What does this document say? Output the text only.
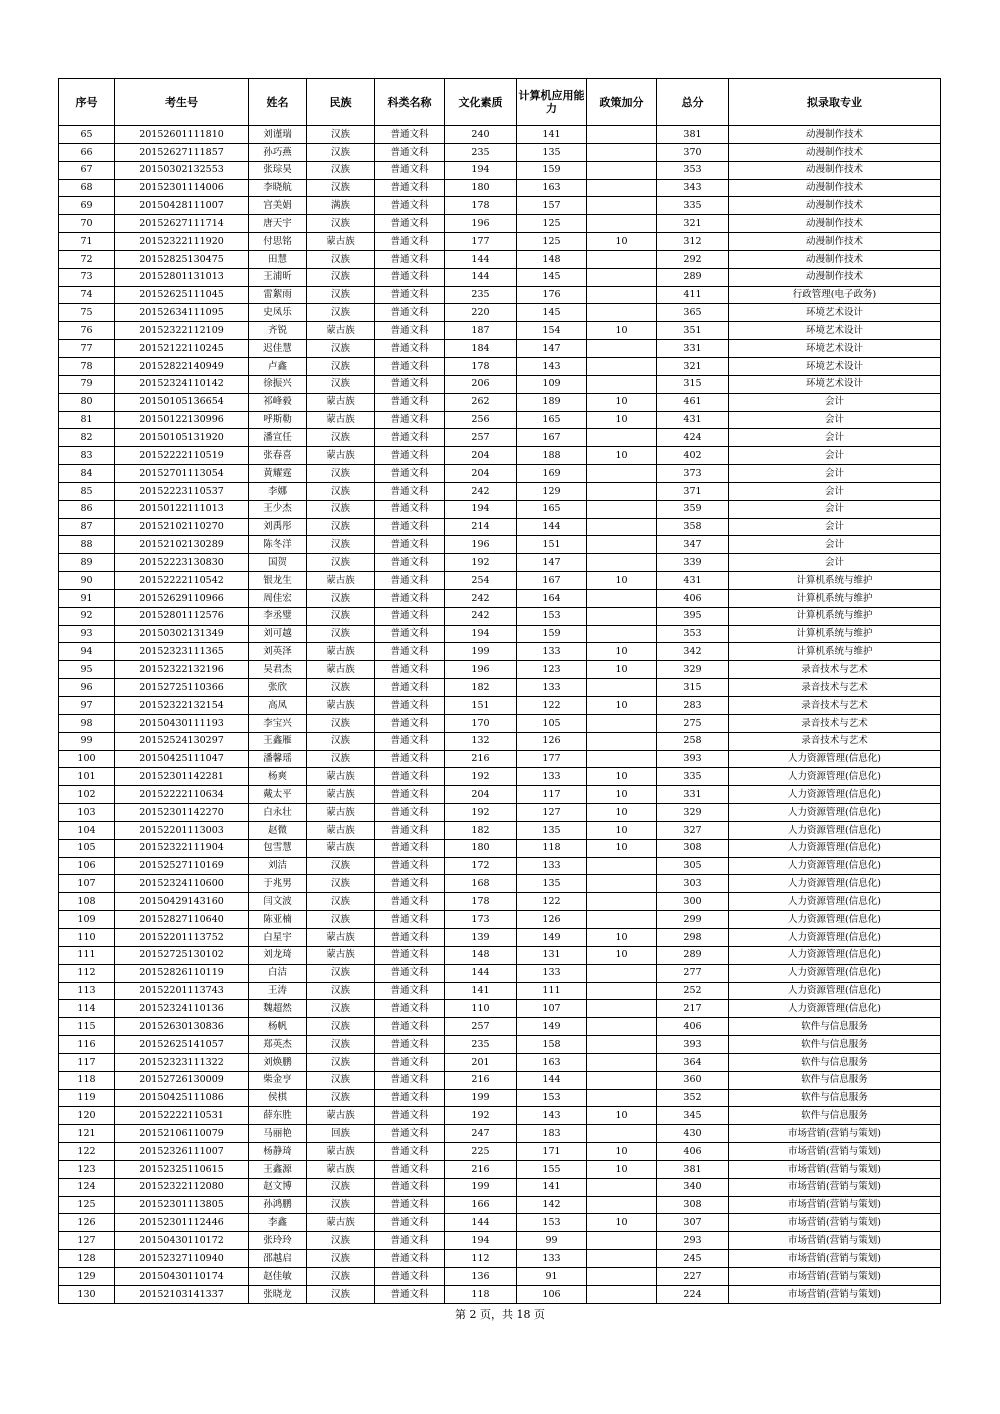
序号	考生号	姓名	民族	科类名称	文化素质	计算机应用能力	政策加分	总分	拟录取专业
65	20152601111810	刘谨瑞	汉族	普通文科	240	141		381	动漫制作技术
66	20152627111857	孙巧燕	汉族	普通文科	235	135		370	动漫制作技术
67	20150302132553	张琮昊	汉族	普通文科	194	159		353	动漫制作技术
68	20152301114006	李晓航	汉族	普通文科	180	163		343	动漫制作技术
69	20150428111007	宫美娟	满族	普通文科	178	157		335	动漫制作技术
70	20152627111714	唐天宇	汉族	普通文科	196	125		321	动漫制作技术
71	20152322111920	付思铭	蒙古族	普通文科	177	125	10	312	动漫制作技术
72	20152825130475	田慧	汉族	普通文科	144	148		292	动漫制作技术
73	20152801131013	王浦昕	汉族	普通文科	144	145		289	动漫制作技术
74	20152625111045	雷絮雨	汉族	普通文科	235	176		411	行政管理(电子政务)
75	20152634111095	史凤乐	汉族	普通文科	220	145		365	环境艺术设计
76	20152322112109	齐锐	蒙古族	普通文科	187	154	10	351	环境艺术设计
77	20152122110245	迟佳慧	汉族	普通文科	184	147		331	环境艺术设计
78	20152822140949	卢鑫	汉族	普通文科	178	143		321	环境艺术设计
79	20152324110142	徐振兴	汉族	普通文科	206	109		315	环境艺术设计
80	20150105136654	祁峰毅	蒙古族	普通文科	262	189	10	461	会计
81	20150122130996	呼斯勒	蒙古族	普通文科	256	165	10	431	会计
82	20150105131920	潘宣任	汉族	普通文科	257	167		424	会计
83	20152222110519	张春喜	蒙古族	普通文科	204	188	10	402	会计
84	20152701113054	黄耀霆	汉族	普通文科	204	169		373	会计
85	20152223110537	李娜	汉族	普通文科	242	129		371	会计
86	20150122111013	王少杰	汉族	普通文科	194	165		359	会计
87	20152102110270	刘禹彤	汉族	普通文科	214	144		358	会计
88	20152102130289	陈冬洋	汉族	普通文科	196	151		347	会计
89	20152223130830	国贺	汉族	普通文科	192	147		339	会计
90	20152222110542	银龙生	蒙古族	普通文科	254	167	10	431	计算机系统与维护
91	20152629110966	周佳宏	汉族	普通文科	242	164		406	计算机系统与维护
92	20152801112576	李丞璧	汉族	普通文科	242	153		395	计算机系统与维护
93	20150302131349	刘可越	汉族	普通文科	194	159		353	计算机系统与维护
94	20152323111365	刘英泽	蒙古族	普通文科	199	133	10	342	计算机系统与维护
95	20152322132196	吴君杰	蒙古族	普通文科	196	123	10	329	录音技术与艺术
96	20152725110366	张欣	汉族	普通文科	182	133		315	录音技术与艺术
97	20152322132154	高凤	蒙古族	普通文科	151	122	10	283	录音技术与艺术
98	20150430111193	李宝兴	汉族	普通文科	170	105		275	录音技术与艺术
99	20152524130297	王鑫雁	汉族	普通文科	132	126		258	录音技术与艺术
100	20150425111047	潘馨瑶	汉族	普通文科	216	177		393	人力资源管理(信息化)
101	20152301142281	杨爽	蒙古族	普通文科	192	133	10	335	人力资源管理(信息化)
102	20152222110634	戴太平	蒙古族	普通文科	204	117	10	331	人力资源管理(信息化)
103	20152301142270	白永壮	蒙古族	普通文科	192	127	10	329	人力资源管理(信息化)
104	20152201113003	赵微	蒙古族	普通文科	182	135	10	327	人力资源管理(信息化)
105	20152322111904	包雪慧	蒙古族	普通文科	180	118	10	308	人力资源管理(信息化)
106	20152527110169	刘洁	汉族	普通文科	172	133		305	人力资源管理(信息化)
107	20152324110600	于兆男	汉族	普通文科	168	135		303	人力资源管理(信息化)
108	20150429143160	闫文波	汉族	普通文科	178	122		300	人力资源管理(信息化)
109	20152827110640	陈亚楠	汉族	普通文科	173	126		299	人力资源管理(信息化)
110	20152201113752	白星宇	蒙古族	普通文科	139	149	10	298	人力资源管理(信息化)
111	20152725130102	刘龙琦	蒙古族	普通文科	148	131	10	289	人力资源管理(信息化)
112	20152826110119	白洁	汉族	普通文科	144	133		277	人力资源管理(信息化)
113	20152201113743	王涛	汉族	普通文科	141	111		252	人力资源管理(信息化)
114	20152324110136	魏超然	汉族	普通文科	110	107		217	人力资源管理(信息化)
115	20152630130836	杨帆	汉族	普通文科	257	149		406	软件与信息服务
116	20152625141057	郑英杰	汉族	普通文科	235	158		393	软件与信息服务
117	20152323111322	刘焕鹏	汉族	普通文科	201	163		364	软件与信息服务
118	20152726130009	柴金亨	汉族	普通文科	216	144		360	软件与信息服务
119	20150425111086	侯棋	汉族	普通文科	199	153		352	软件与信息服务
120	20152222110531	薛东胜	蒙古族	普通文科	192	143	10	345	软件与信息服务
121	20152106110079	马丽艳	回族	普通文科	247	183		430	市场营销(营销与策划)
122	20152326111007	杨静琦	蒙古族	普通文科	225	171	10	406	市场营销(营销与策划)
123	20152325110615	王鑫源	蒙古族	普通文科	216	155	10	381	市场营销(营销与策划)
124	20152322112080	赵文博	汉族	普通文科	199	141		340	市场营销(营销与策划)
125	20152301113805	孙鸿鹏	汉族	普通文科	166	142		308	市场营销(营销与策划)
126	20152301112446	李鑫	蒙古族	普通文科	144	153	10	307	市场营销(营销与策划)
127	20150430110172	张玲玲	汉族	普通文科	194	99		293	市场营销(营销与策划)
128	20152327110940	邵越启	汉族	普通文科	112	133		245	市场营销(营销与策划)
129	20150430110174	赵佳敏	汉族	普通文科	136	91		227	市场营销(营销与策划)
130	20152103141337	张晓龙	汉族	普通文科	118	106		224	市场营销(营销与策划)
第 2 页，共 18 页
